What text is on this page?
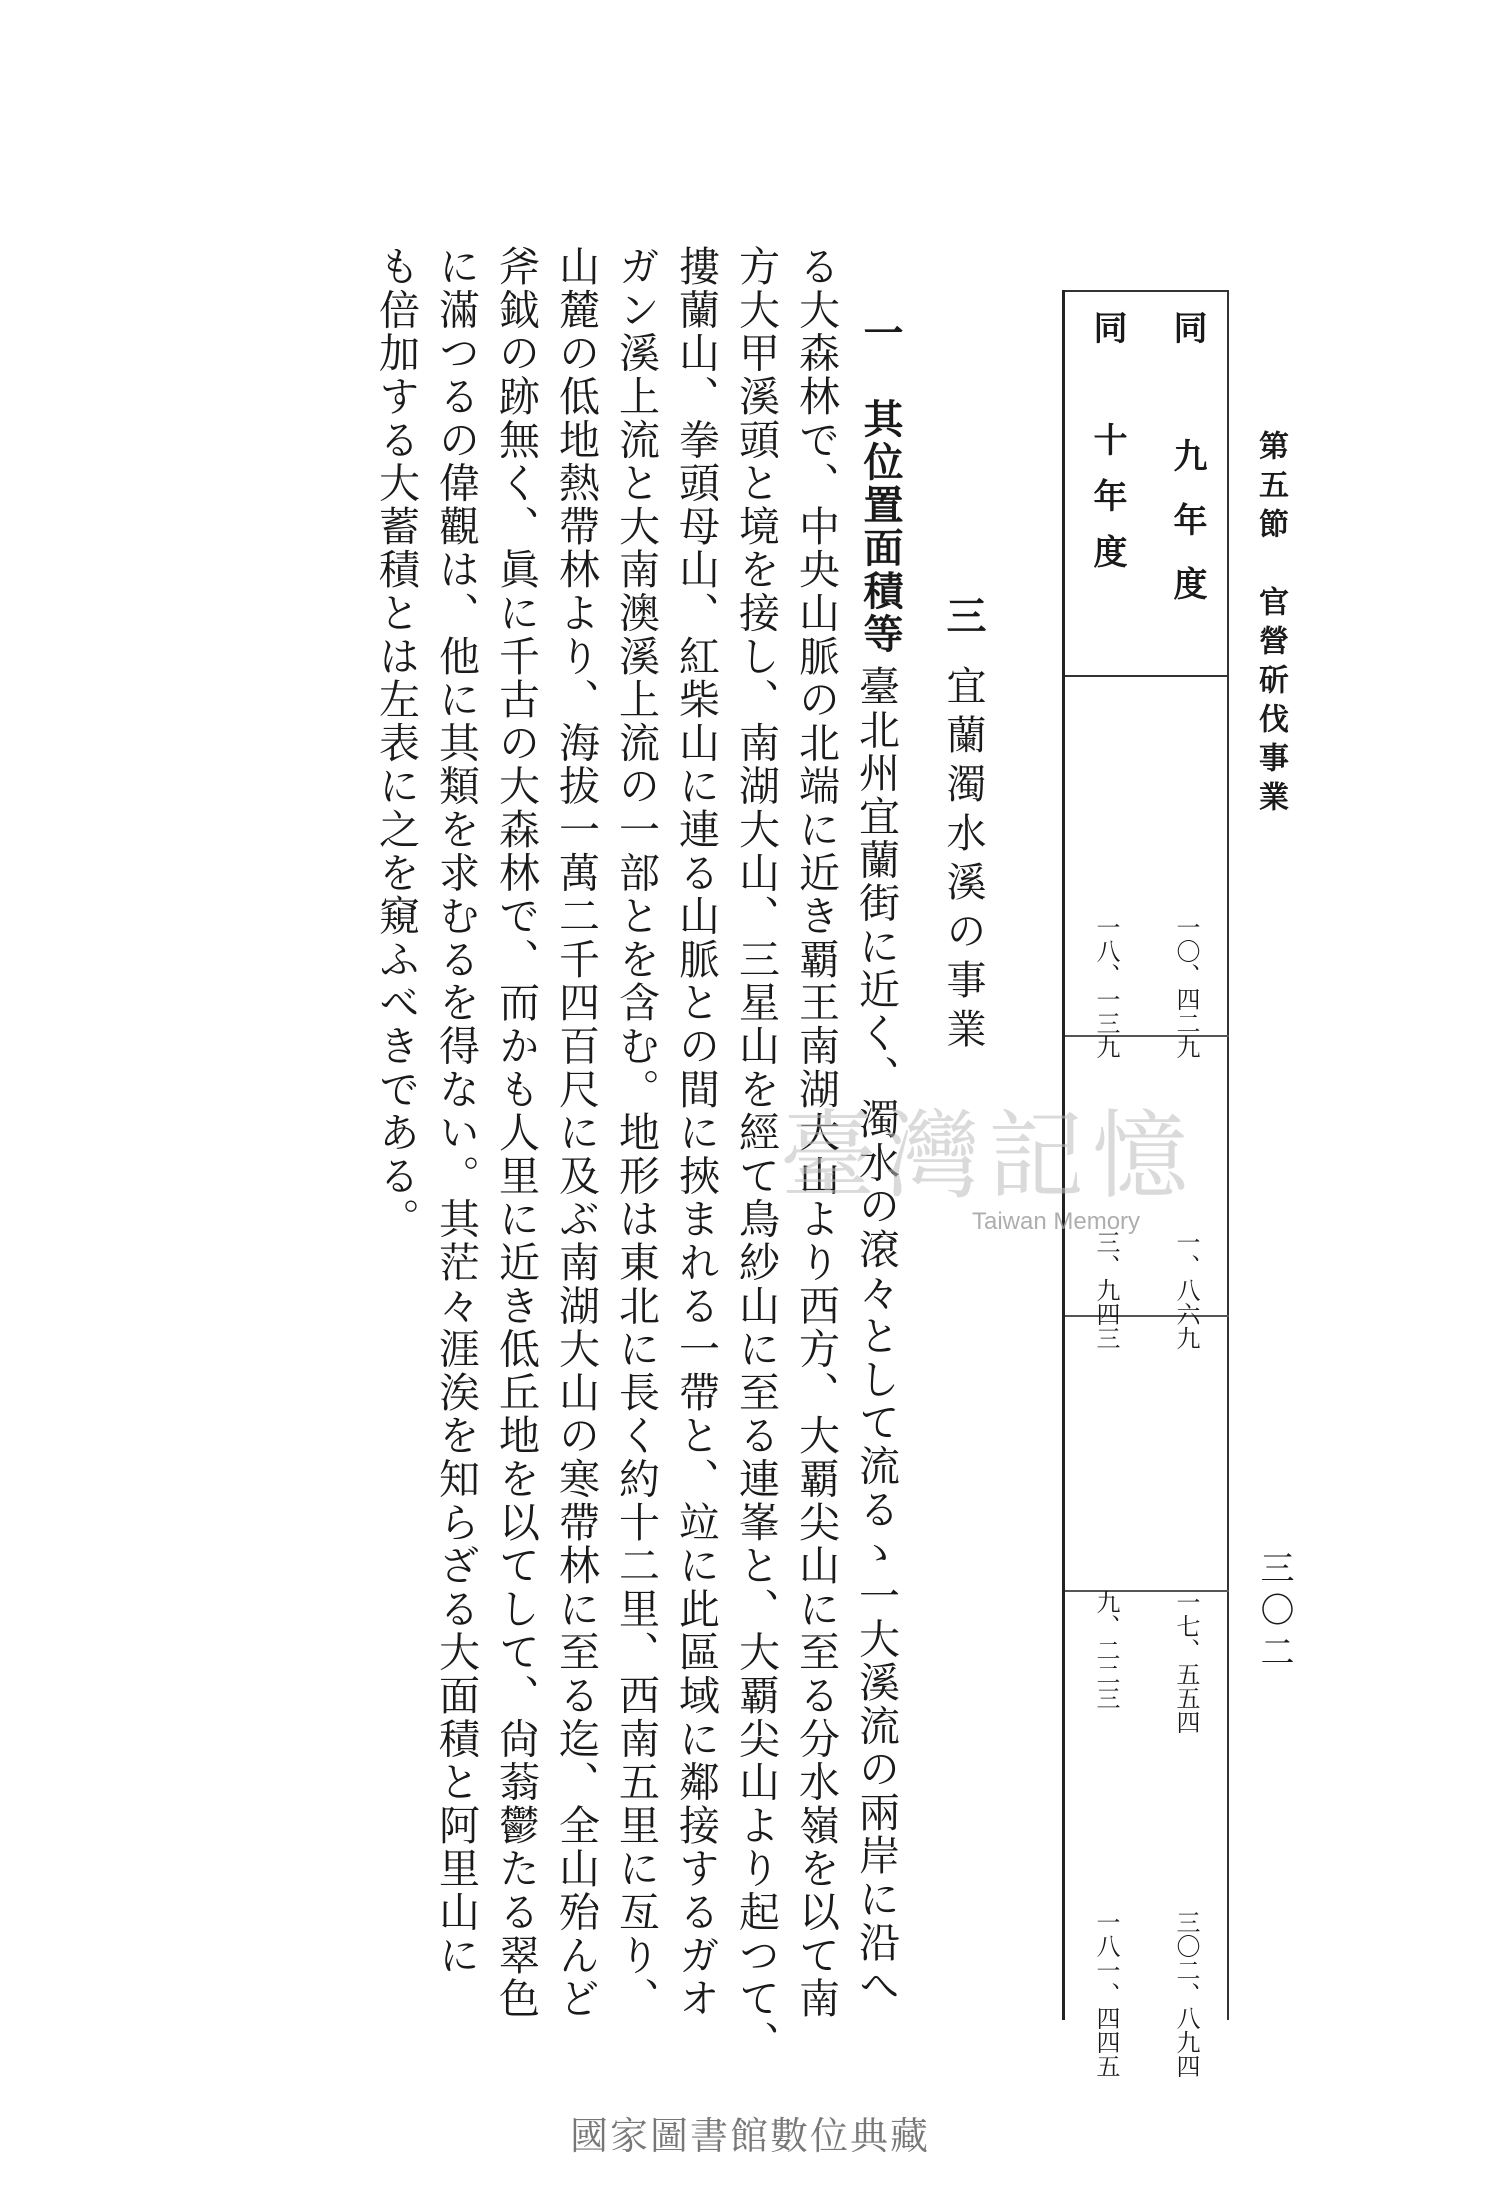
第五節　官營斫伐事業
三〇二
同　九年度
一〇、四二九
一、八六九
一七、五五四
三〇二、八九四
同　十年度
一八、一三九
三、九四三
九、二二三
一八一、四四五
三宜蘭濁水溪の事業
一　其位置面積等
臺北州宜蘭街に近く、濁水の滾々として流るゝ一大溪流の兩岸に沿へ
る大森林で、中央山脈の北端に近き覇王南湖大山より西方、大覇尖山に至る分水嶺を以て南
方大甲溪頭と境を接し、南湖大山、三星山を經て鳥紗山に至る連峯と、大覇尖山より起つて、
摟蘭山、拳頭母山、紅柴山に連る山脈との間に挾まれる一帶と、竝に此區域に鄰接するガオ
ガン溪上流と大南澳溪上流の一部とを含む。地形は東北に長く約十二里、西南五里に亙り、
山麓の低地熱帶林より、海拔一萬二千四百尺に及ぶ南湖大山の寒帶林に至る迄、全山殆んど
斧鉞の跡無く、眞に千古の大森林で、而かも人里に近き低丘地を以てして、尙蓊鬱たる翠色
に滿つるの偉觀は、他に其類を求むるを得ない。其茫々涯涘を知らざる大面積と阿里山に
も倍加する大蓄積とは左表に之を窺ふべきである。	臺灣記憶
Taiwan Memory
國家圖書館數位典藏
